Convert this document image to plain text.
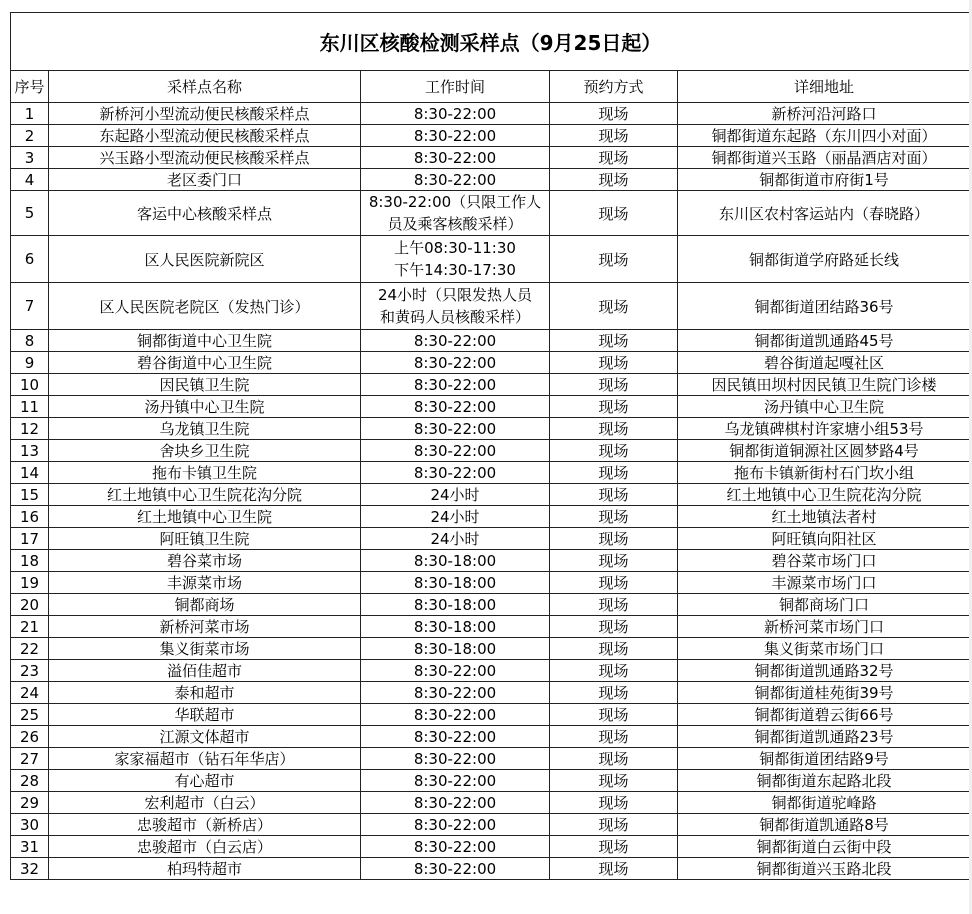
东川区核酸检测采样点（9月25日起）				
序号	采样点名称	工作时间	预约方式	详细地址
1	新桥河小型流动便民核酸采样点	8:30-22:00	现场	新桥河沿河路口
2	东起路小型流动便民核酸采样点	8:30-22:00	现场	铜都街道东起路（东川四小对面）
3	兴玉路小型流动便民核酸采样点	8:30-22:00	现场	铜都街道兴玉路（丽晶酒店对面）
4	老区委门口	8:30-22:00	现场	铜都街道市府街1号
5	客运中心核酸采样点	8:30-22:00（只限工作人
员及乘客核酸采样）	现场	东川区农村客运站内（春晓路）
6	区人民医院新院区	上午08:30-11:30
下午14:30-17:30	现场	铜都街道学府路延长线
7	区人民医院老院区（发热门诊）	24小时（只限发热人员
和黄码人员核酸采样）	现场	铜都街道团结路36号
8	铜都街道中心卫生院	8:30-22:00	现场	铜都街道凯通路45号
9	碧谷街道中心卫生院	8:30-22:00	现场	碧谷街道起嘎社区
10	因民镇卫生院	8:30-22:00	现场	因民镇田坝村因民镇卫生院门诊楼
11	汤丹镇中心卫生院	8:30-22:00	现场	汤丹镇中心卫生院
12	乌龙镇卫生院	8:30-22:00	现场	乌龙镇碑棋村许家塘小组53号
13	舍块乡卫生院	8:30-22:00	现场	铜都街道铜源社区圆梦路4号
14	拖布卡镇卫生院	8:30-22:00	现场	拖布卡镇新街村石门坎小组
15	红土地镇中心卫生院花沟分院	24小时	现场	红土地镇中心卫生院花沟分院
16	红土地镇中心卫生院	24小时	现场	红土地镇法者村
17	阿旺镇卫生院	24小时	现场	阿旺镇向阳社区
18	碧谷菜市场	8:30-18:00	现场	碧谷菜市场门口
19	丰源菜市场	8:30-18:00	现场	丰源菜市场门口
20	铜都商场	8:30-18:00	现场	铜都商场门口
21	新桥河菜市场	8:30-18:00	现场	新桥河菜市场门口
22	集义街菜市场	8:30-18:00	现场	集义街菜市场门口
23	溢佰佳超市	8:30-22:00	现场	铜都街道凯通路32号
24	泰和超市	8:30-22:00	现场	铜都街道桂苑街39号
25	华联超市	8:30-22:00	现场	铜都街道碧云街66号
26	江源文体超市	8:30-22:00	现场	铜都街道凯通路23号
27	家家福超市（钻石年华店）	8:30-22:00	现场	铜都街道团结路9号
28	有心超市	8:30-22:00	现场	铜都街道东起路北段
29	宏利超市（白云）	8:30-22:00	现场	铜都街道驼峰路
30	忠骏超市（新桥店）	8:30-22:00	现场	铜都街道凯通路8号
31	忠骏超市（白云店）	8:30-22:00	现场	铜都街道白云街中段
32	柏玛特超市	8:30-22:00	现场	铜都街道兴玉路北段
